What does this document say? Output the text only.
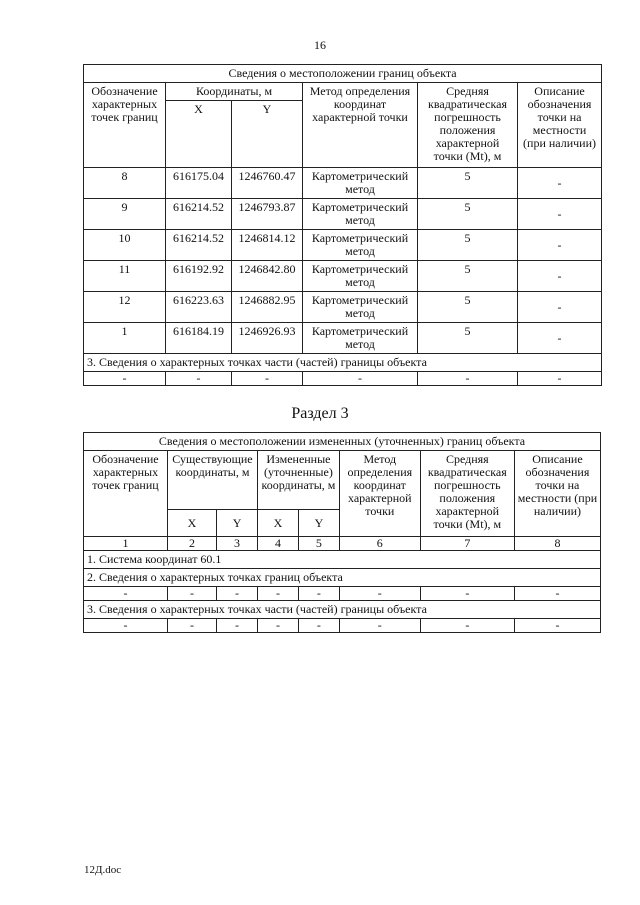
16
Сведения о местоположении границ объекта					
Обозначение характерных точек границ	Координаты, м		Метод определения координат характерной точки	Средняя квадратическая погрешность положения характерной точки (Mt), м	Описание обозначения точки на местности (при наличии)
	X	Y			
8	616175.04	1246760.47	Картометрический метод	5	-
9	616214.52	1246793.87	Картометрический метод	5	-
10	616214.52	1246814.12	Картометрический метод	5	-
11	616192.92	1246842.80	Картометрический метод	5	-
12	616223.63	1246882.95	Картометрический метод	5	-
1	616184.19	1246926.93	Картометрический метод	5	-
3. Сведения о характерных точках части (частей) границы объекта					
-	-	-	-	-	-
Раздел 3
Сведения о местоположении измененных (уточненных) границ объекта							
Обозначение характерных точек границ	Существующие координаты, м		Измененные (уточненные) координаты, м		Метод определения координат характерной точки	Средняя квадратическая погрешность положения характерной точки (Mt), м	Описание обозначения точки на местности (при наличии)
	X	Y	X	Y			
1	2	3	4	5	6	7	8
1. Система координат 60.1							
2. Сведения о характерных точках границ объекта							
-	-	-	-	-	-	-	-
3. Сведения о характерных точках части (частей) границы объекта							
-	-	-	-	-	-	-	-
12Д.doc
